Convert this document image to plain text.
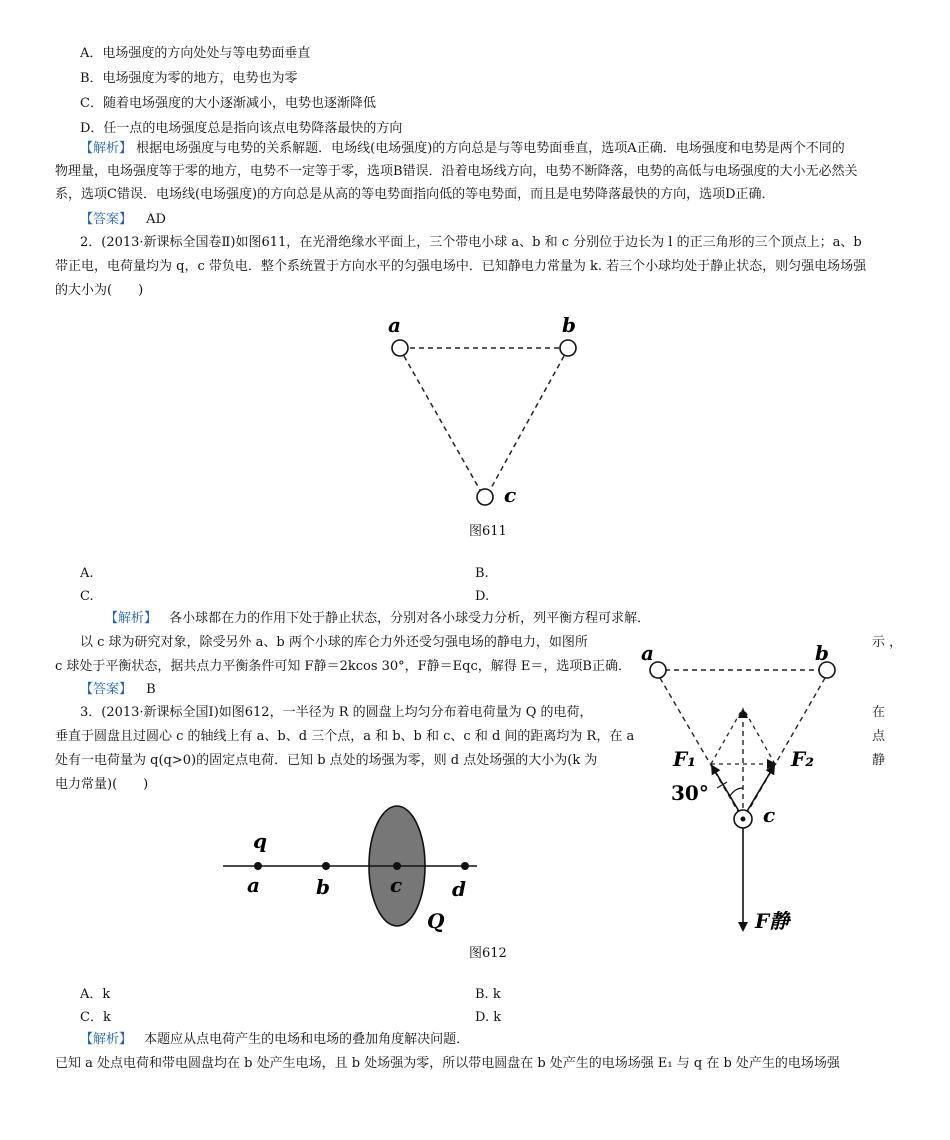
A．电场强度的方向处处与等电势面垂直
B．电场强度为零的地方，电势也为零
C．随着电场强度的大小逐渐减小，电势也逐渐降低
D．任一点的电场强度总是指向该点电势降落最快的方向
【解析】 根据电场强度与电势的关系解题．电场线(电场强度)的方向总是与等电势面垂直，选项A正确．电场强度和电势是两个不同的
物理量，电场强度等于零的地方，电势不一定等于零，选项B错误．沿着电场线方向，电势不断降落，电势的高低与电场强度的大小无必然关
系，选项C错误．电场线(电场强度)的方向总是从高的等电势面指向低的等电势面，而且是电势降落最快的方向，选项D正确．
【答案】 AD
2．(2013·新课标全国卷Ⅱ)如图611，在光滑绝缘水平面上，三个带电小球 a、b 和 c 分别位于边长为 l 的正三角形的三个顶点上；a、b
带正电，电荷量均为 q，c 带负电．整个系统置于方向水平的匀强电场中．已知静电力常量为 k. 若三个小球均处于静止状态，则匀强电场场强
的大小为(　　)
a	b
c
图611
A.	B.
C.	D.
【解析】 各小球都在力的作用下处于静止状态，分别对各小球受力分析，列平衡方程可求解．
以 c 球为研究对象，除受另外 a、b 两个小球的库仑力外还受匀强电场的静电力，如图所	示 ，
c 球处于平衡状态，据共点力平衡条件可知 F静＝2kcos 30°，F静＝Eqc，解得 E＝，选项B正确．
【答案】 B
a	b
c
F₁	F₂
30°
F静
3．(2013·新课标全国Ⅰ)如图612，一半径为 R 的圆盘上均匀分布着电荷量为 Q 的电荷，	在
垂直于圆盘且过圆心 c 的轴线上有 a、b、d 三个点，a 和 b、b 和 c、c 和 d 间的距离均为 R，在 a	点
处有一电荷量为 q(q>0)的固定点电荷．已知 b 点处的场强为零，则 d 点处场强的大小为(k 为	静
电力常量)(　　)
q
a	b	c d
Q
图612
A．k	B. k
C．k	D. k
【解析】 本题应从点电荷产生的电场和电场的叠加角度解决问题．
已知 a 处点电荷和带电圆盘均在 b 处产生电场，且 b 处场强为零，所以带电圆盘在 b 处产生的电场场强 E₁ 与 q 在 b 处产生的电场场强
